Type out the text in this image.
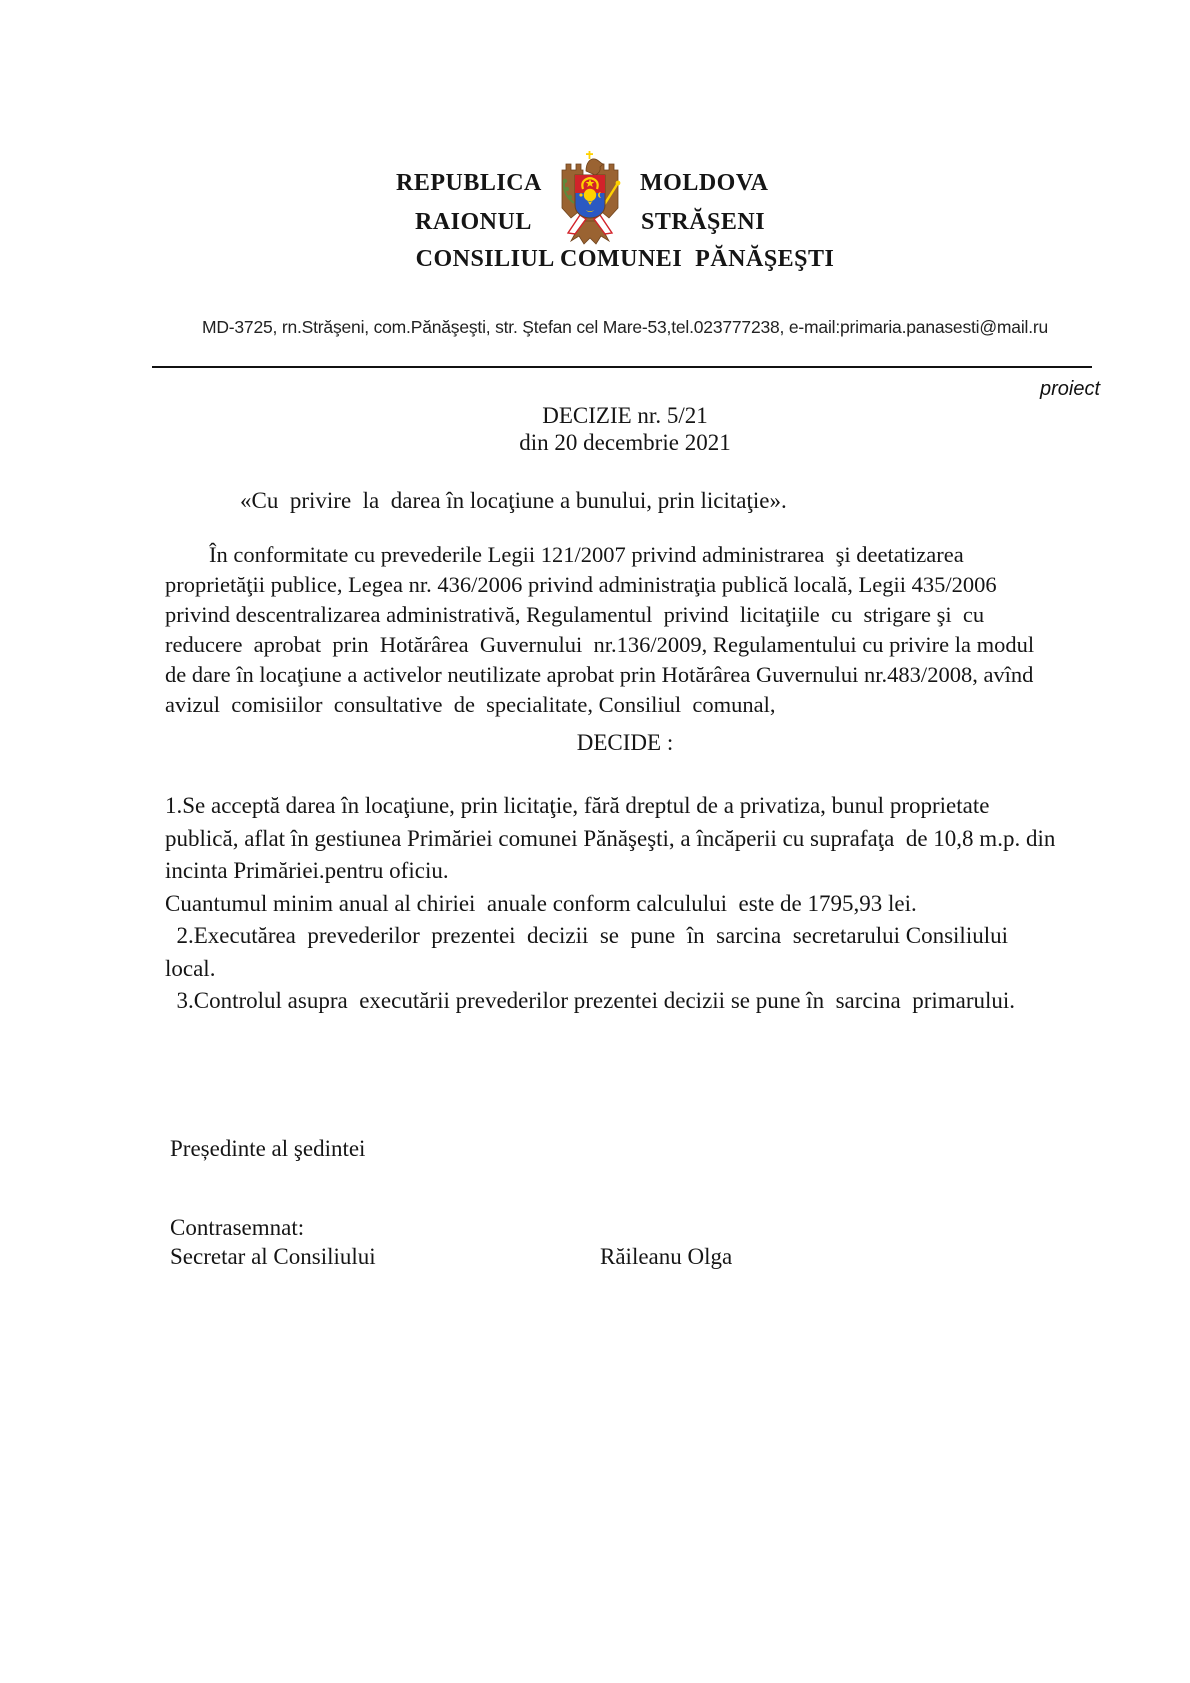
REPUBLICA	MOLDOVA
RAIONUL	STRĂŞENI
CONSILIUL COMUNEI  PĂNĂŞEŞTI
MD-3725, rn.Străşeni, com.Pănăşeşti, str. Ştefan cel Mare-53,tel.023777238, e-mail:primaria.panasesti@mail.ru
proiect
DECIZIE nr. 5/21
din 20 decembrie 2021
«Cu  privire  la  darea în locaţiune a bunului, prin licitaţie».
În conformitate cu prevederile Legii 121/2007 privind administrarea  şi deetatizarea
proprietăţii publice, Legea nr. 436/2006 privind administraţia publică locală, Legii 435/2006
privind descentralizarea administrativă, Regulamentul  privind  licitaţiile  cu  strigare şi  cu
reducere  aprobat  prin  Hotărârea  Guvernului  nr.136/2009, Regulamentului cu privire la modul
de dare în locaţiune a activelor neutilizate aprobat prin Hotărârea Guvernului nr.483/2008, avînd
avizul  comisiilor  consultative  de  specialitate, Consiliul  comunal,
DECIDE :
1.Se acceptă darea în locaţiune, prin licitaţie, fără dreptul de a privatiza, bunul proprietate
publică, aflat în gestiunea Primăriei comunei Pănăşeşti, a încăperii cu suprafaţa  de 10,8 m.p. din
incinta Primăriei.pentru oficiu.
Cuantumul minim anual al chiriei  anuale conform calculului  este de 1795,93 lei.
2.Executărea  prevederilor  prezentei  decizii  se  pune  în  sarcina  secretarului Consiliului
local.
3.Controlul asupra  executării prevederilor prezentei decizii se pune în  sarcina  primarului.
Președinte al şedintei
Contrasemnat:
Secretar al Consiliului	Răileanu Olga
